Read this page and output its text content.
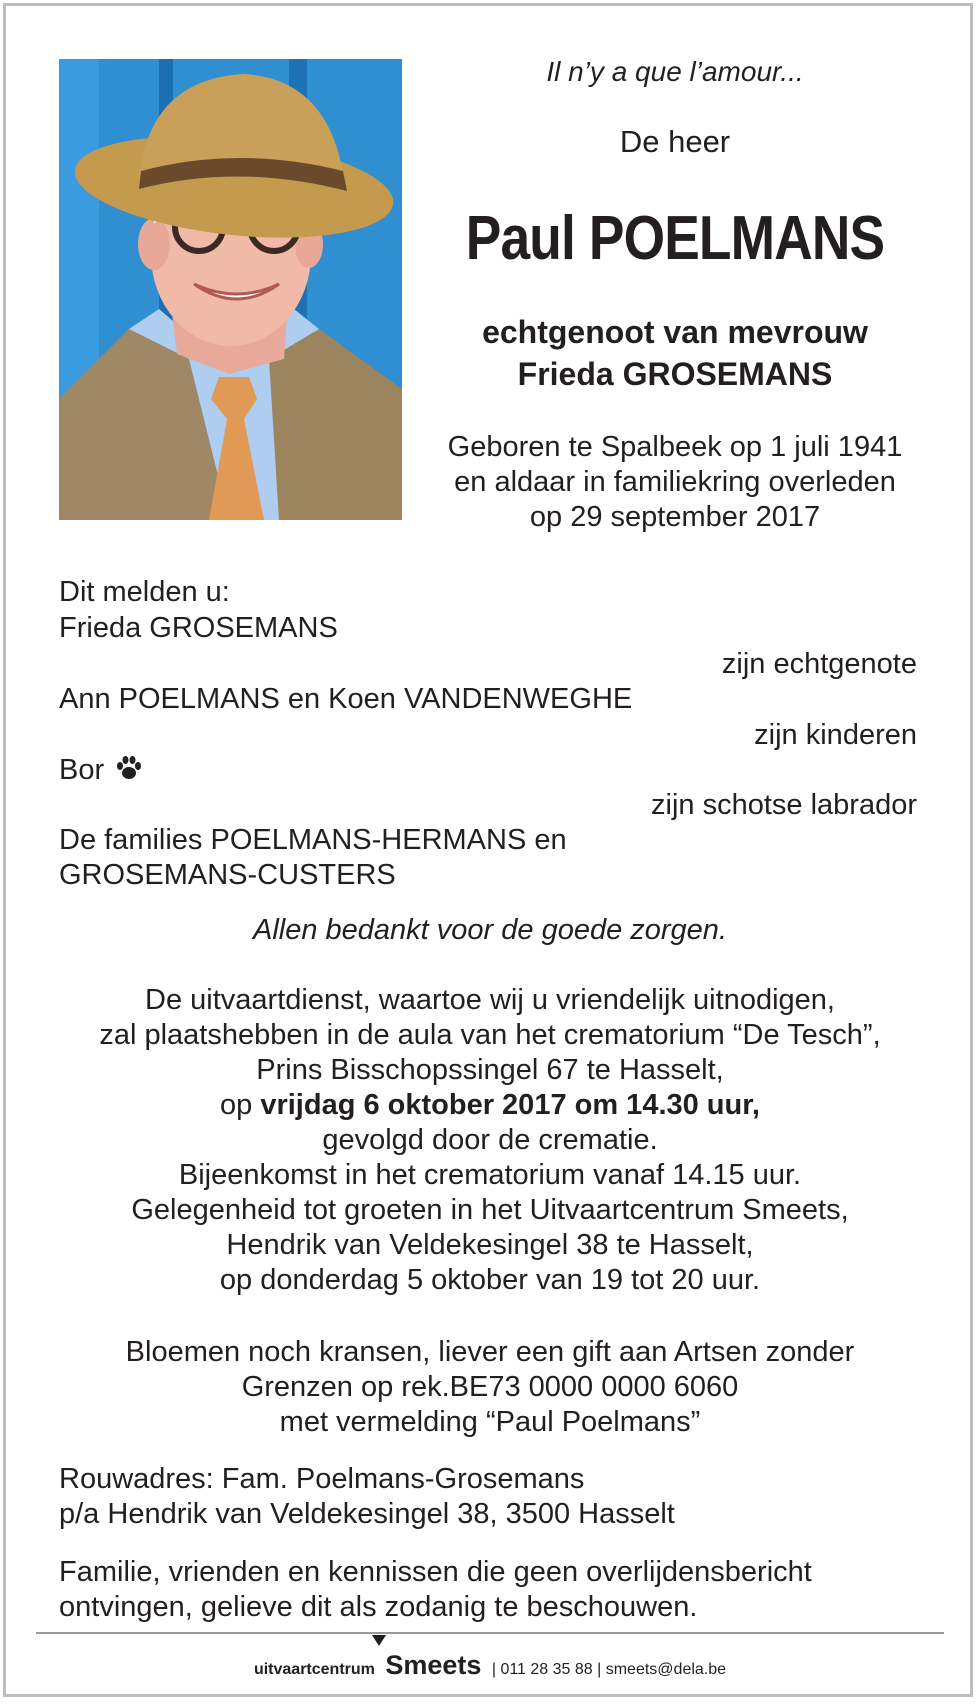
Il n’y a que l’amour...
De heer
Paul POELMANS
echtgenoot van mevrouw
Frieda GROSEMANS
Geboren te Spalbeek op 1 juli 1941
en aldaar in familiekring overleden
op 29 september 2017
Dit melden u:
Frieda GROSEMANS
zijn echtgenote
Ann POELMANS en Koen VANDENWEGHE
zijn kinderen
Bor
zijn schotse labrador
De families POELMANS-HERMANS en
GROSEMANS-CUSTERS
Allen bedankt voor de goede zorgen.
De uitvaartdienst, waartoe wij u vriendelijk uitnodigen,
zal plaatshebben in de aula van het crematorium “De Tesch”,
Prins Bisschopssingel 67 te Hasselt,
op vrijdag 6 oktober 2017 om 14.30 uur,
gevolgd door de crematie.
Bijeenkomst in het crematorium vanaf 14.15 uur.
Gelegenheid tot groeten in het Uitvaartcentrum Smeets,
Hendrik van Veldekesingel 38 te Hasselt,
op donderdag 5 oktober van 19 tot 20 uur.
Bloemen noch kransen, liever een gift aan Artsen zonder
Grenzen op rek.BE73 0000 0000 6060
met vermelding “Paul Poelmans”
Rouwadres: Fam. Poelmans-Grosemans
p/a Hendrik van Veldekesingel 38, 3500 Hasselt
Familie, vrienden en kennissen die geen overlijdensbericht
ontvingen, gelieve dit als zodanig te beschouwen.
uitvaartcentrum Smeets | 011 28 35 88 | smeets@dela.be
